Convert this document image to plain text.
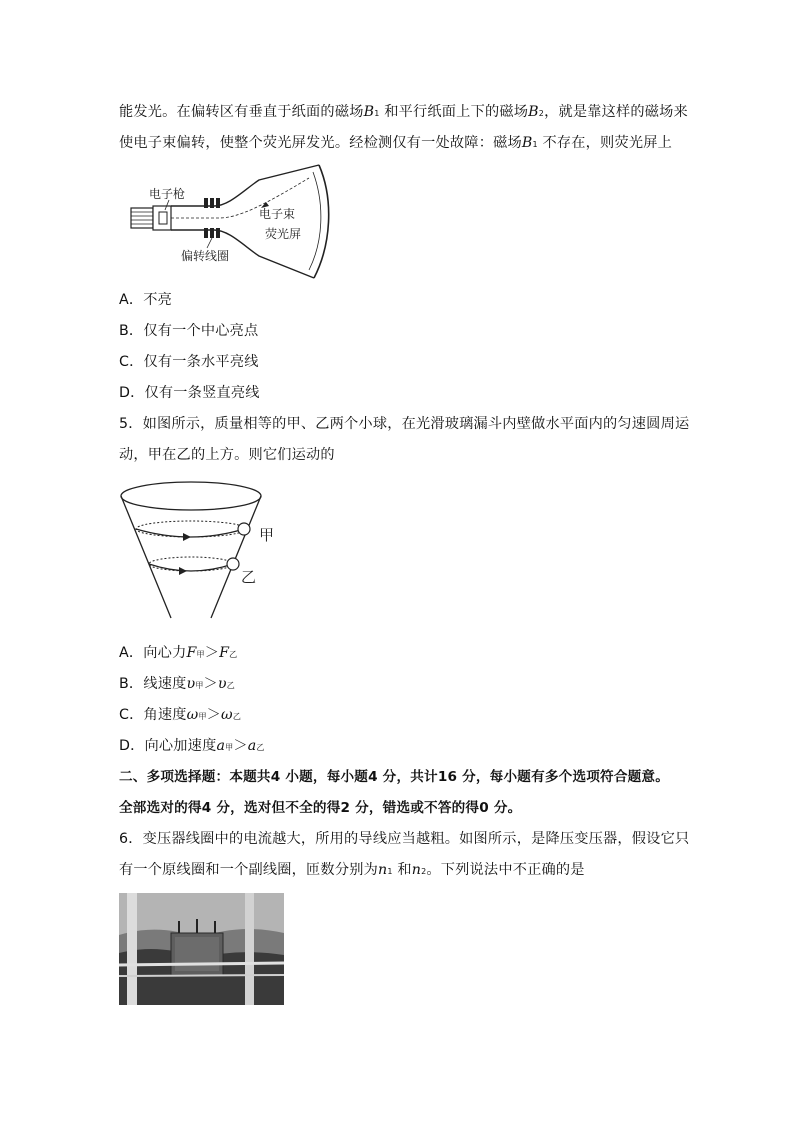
能发光。在偏转区有垂直于纸面的磁场B1 和平行纸面上下的磁场B2，就是靠这样的磁场来
使电子束偏转，使整个荧光屏发光。经检测仅有一处故障：磁场B1 不存在，则荧光屏上
电子枪
电子束
荧光屏
偏转线圈
A．不亮
B．仅有一个中心亮点
C．仅有一条水平亮线
D．仅有一条竖直亮线
5．如图所示，质量相等的甲、乙两个小球，在光滑玻璃漏斗内壁做水平面内的匀速圆周运
动，甲在乙的上方。则它们运动的
甲
乙
A．向心力F甲＞F乙
B．线速度υ甲＞υ乙
C．角速度ω甲＞ω乙
D．向心加速度a甲＞a乙
二、多项选择题：本题共4 小题，每小题4 分，共计16 分，每小题有多个选项符合题意。
全部选对的得4 分，选对但不全的得2 分，错选或不答的得0 分。
6．变压器线圈中的电流越大，所用的导线应当越粗。如图所示，是降压变压器，假设它只
有一个原线圈和一个副线圈，匝数分别为n1 和n2。下列说法中不正确的是
